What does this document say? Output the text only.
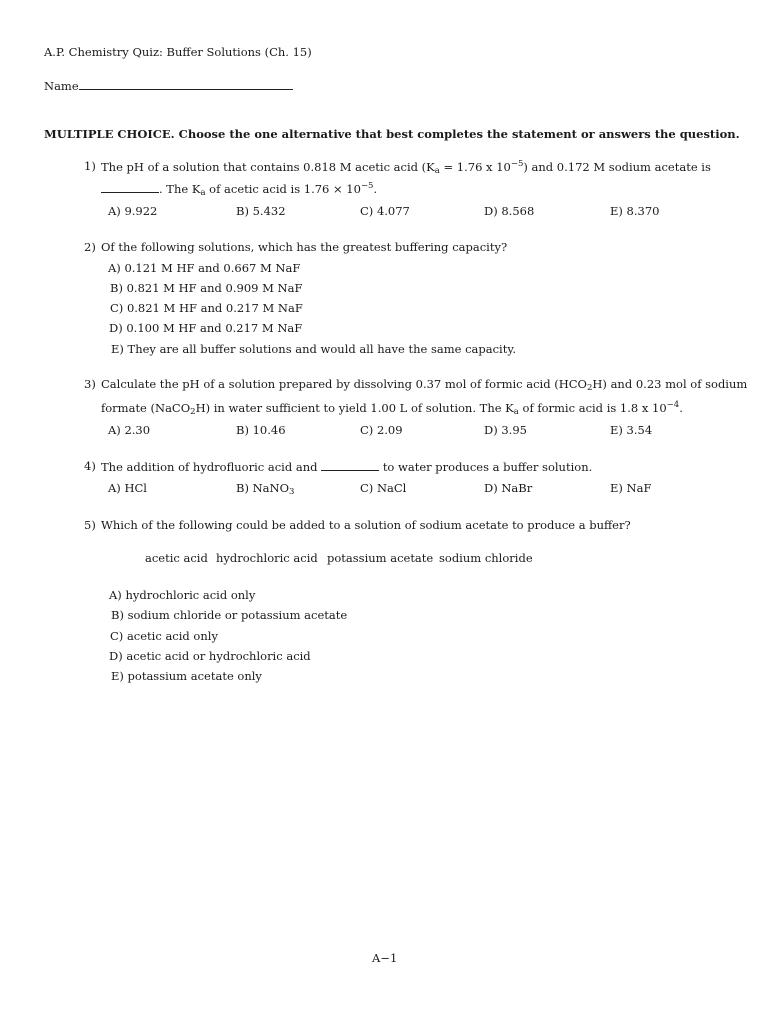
A.P. Chemistry Quiz: Buffer Solutions (Ch. 15)
Name
MULTIPLE CHOICE. Choose the one alternative that best completes the statement or answers the question.
1) The pH of a solution that contains 0.818 M acetic acid ($K_a = 1.76$ x $10^{-5}$) and 0.172 M sodium acetate is
. The $K_a$ of acetic acid is $1.76 \times 10^{-5}$.
A) 9.922	B) 5.432	C) 4.077	D) 8.568	E) 8.370
2) Of the following solutions, which has the greatest buffering capacity?
A) 0.121 M HF and 0.667 M NaF
B) 0.821 M HF and 0.909 M NaF
C) 0.821 M HF and 0.217 M NaF
D) 0.100 M HF and 0.217 M NaF
E) They are all buffer solutions and would all have the same capacity.
3) Calculate the pH of a solution prepared by dissolving 0.37 mol of formic acid $(HCO_2H)$ and 0.23 mol of sodium
formate (NaCO$_2$H) in water sufficient to yield 1.00 L of solution. The $K_a$ of formic acid is 1.8 x $10^{-4}$.
A) 2.30	B) 10.46	C) 2.09	D) 3.95	E) 3.54
4) The addition of hydrofluoric acid and	to water produces a buffer solution.
A) HCl	B) NaNO$_3$	C) NaCl	D) NaBr	E) NaF
5) Which of the following could be added to a solution of sodium acetate to produce a buffer?
acetic acid hydrochloric acid potassium acetate sodium chloride
A) hydrochloric acid only
B) sodium chloride or potassium acetate
C) acetic acid only
D) acetic acid or hydrochloric acid
E) potassium acetate only
A−1
